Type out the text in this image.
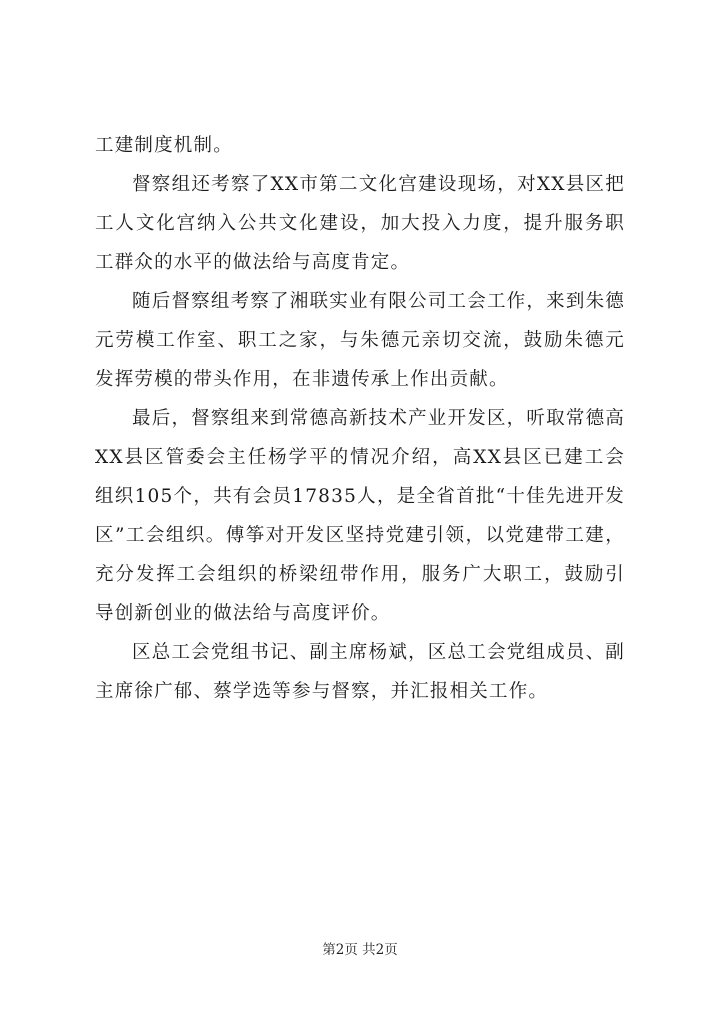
工建制度机制。

督察组还考察了XX市第二文化宫建设现场，对XX县区把工人文化宫纳入公共文化建设，加大投入力度，提升服务职工群众的水平的做法给与高度肯定。

随后督察组考察了湘联实业有限公司工会工作，来到朱德元劳模工作室、职工之家，与朱德元亲切交流，鼓励朱德元发挥劳模的带头作用，在非遗传承上作出贡献。

最后，督察组来到常德高新技术产业开发区，听取常德高XX县区管委会主任杨学平的情况介绍，高XX县区已建工会组织105个，共有会员17835人，是全省首批“十佳先进开发区”工会组织。傅筝对开发区坚持党建引领，以党建带工建，充分发挥工会组织的桥梁纽带作用，服务广大职工，鼓励引导创新创业的做法给与高度评价。

区总工会党组书记、副主席杨斌，区总工会党组成员、副主席徐广郁、蔡学选等参与督察，并汇报相关工作。

第2页 共2页
